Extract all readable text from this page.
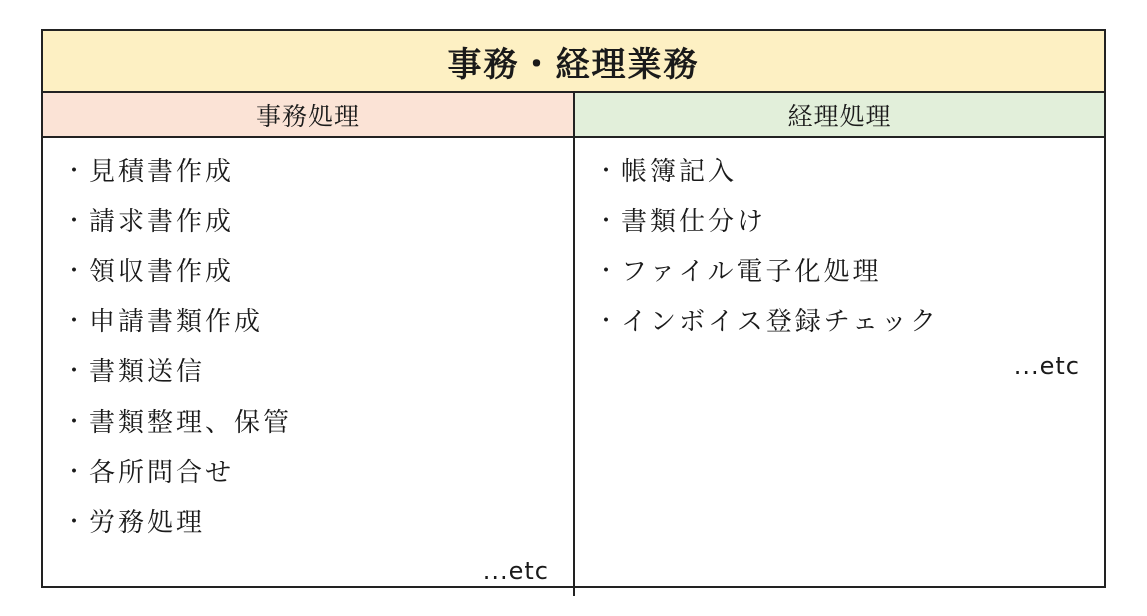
事務・経理業務
事務処理	経理処理
・ 見積書作成
・ 請求書作成
・ 領収書作成
・ 申請書類作成
・ 書類送信
・ 書類整理、保管
・ 各所問合せ
・ 労務処理
...etc
・ 帳簿記入
・ 書類仕分け
・ ファイル電子化処理
・ インボイス登録チェック
...etc
